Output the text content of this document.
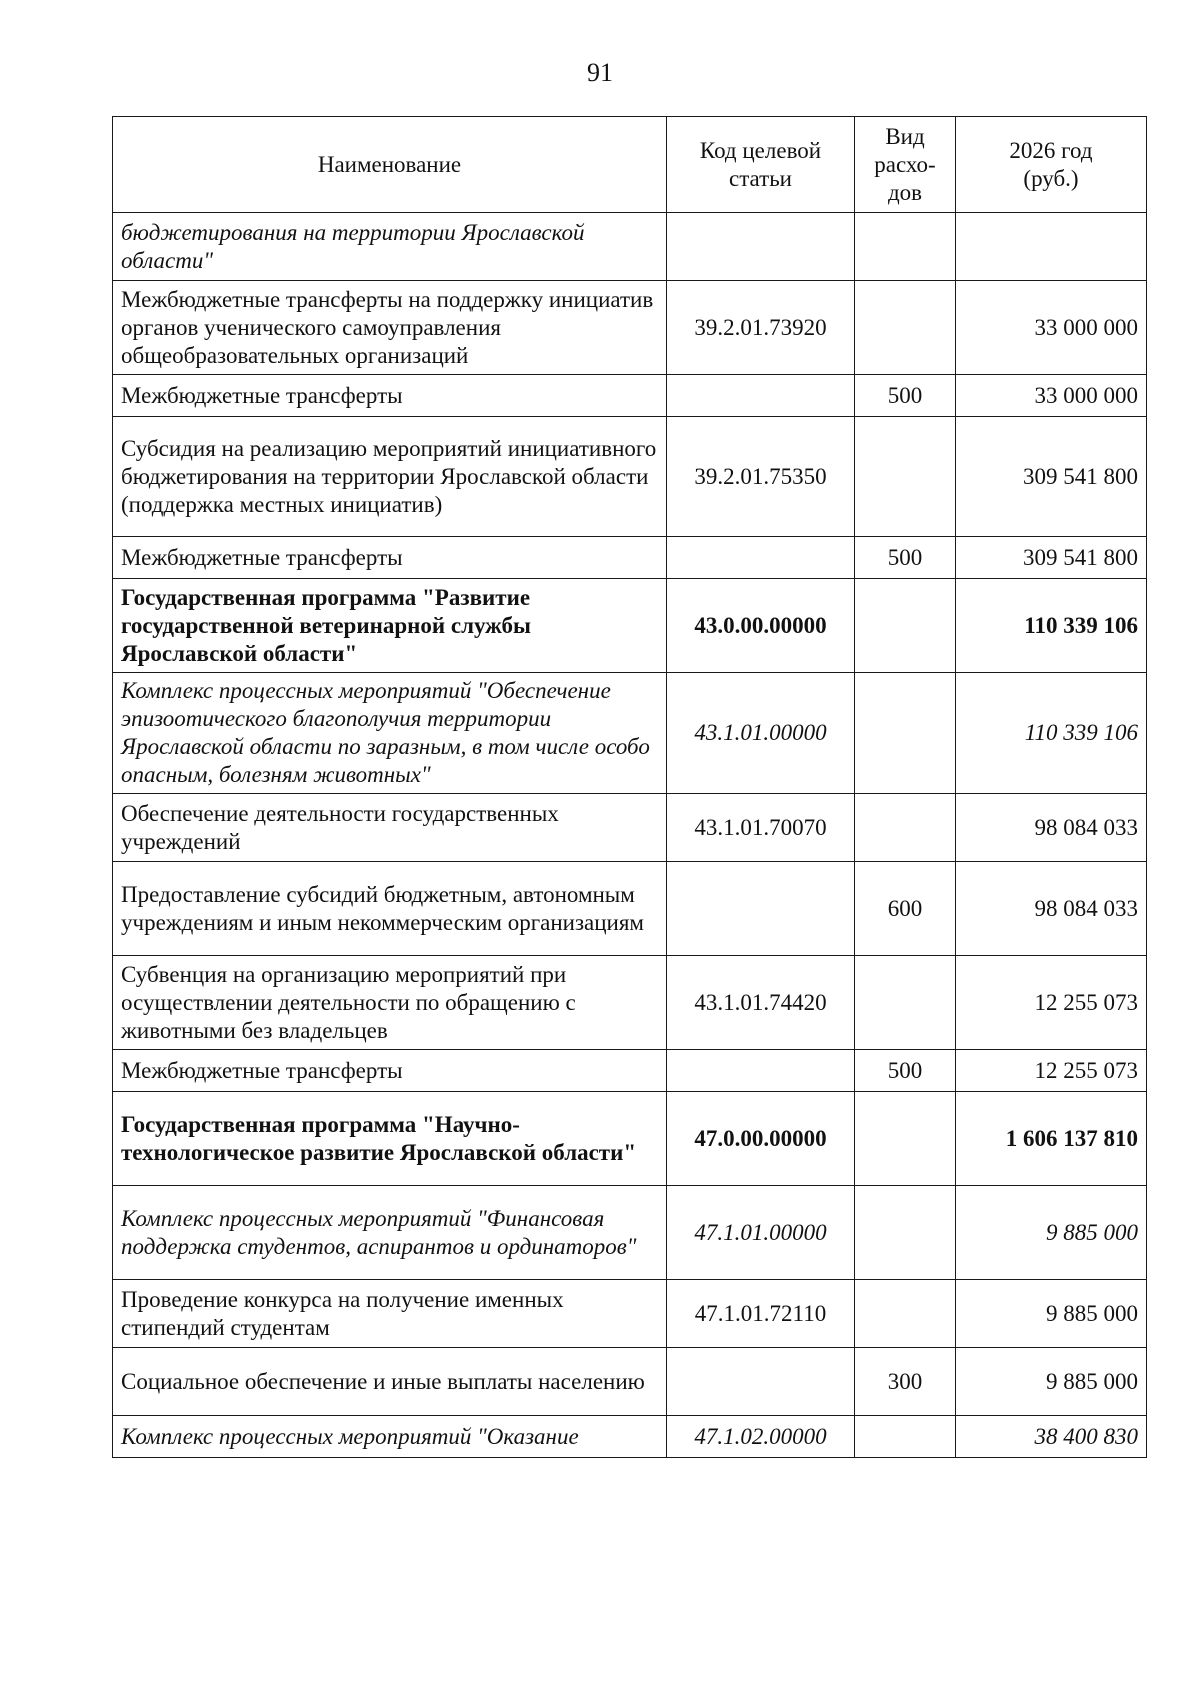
91
Наименование	Код целевой
статьи	Вид
расхо-
дов	2026 год
(руб.)
бюджетирования на территории Ярославской области"			
Межбюджетные трансферты на поддержку инициатив органов ученического самоуправления общеобразовательных организаций	39.2.01.73920		33 000 000
Межбюджетные трансферты		500	33 000 000
Субсидия на реализацию мероприятий инициативного бюджетирования на территории Ярославской области (поддержка местных инициатив)	39.2.01.75350		309 541 800
Межбюджетные трансферты		500	309 541 800
Государственная программа "Развитие государственной ветеринарной службы Ярославской области"	43.0.00.00000		110 339 106
Комплекс процессных мероприятий "Обеспечение эпизоотического благополучия территории Ярославской области по заразным, в том числе особо опасным, болезням животных"	43.1.01.00000		110 339 106
Обеспечение деятельности государственных учреждений	43.1.01.70070		98 084 033
Предоставление субсидий бюджетным, автономным учреждениям и иным некоммерческим организациям		600	98 084 033
Субвенция на организацию мероприятий при осуществлении деятельности по обращению с животными без владельцев	43.1.01.74420		12 255 073
Межбюджетные трансферты		500	12 255 073
Государственная программа "Научно-технологическое развитие Ярославской области"	47.0.00.00000		1 606 137 810
Комплекс процессных мероприятий "Финансовая поддержка студентов, аспирантов и ординаторов"	47.1.01.00000		9 885 000
Проведение конкурса на получение именных стипендий студентам	47.1.01.72110		9 885 000
Социальное обеспечение и иные выплаты населению		300	9 885 000
Комплекс процессных мероприятий "Оказание	47.1.02.00000		38 400 830
